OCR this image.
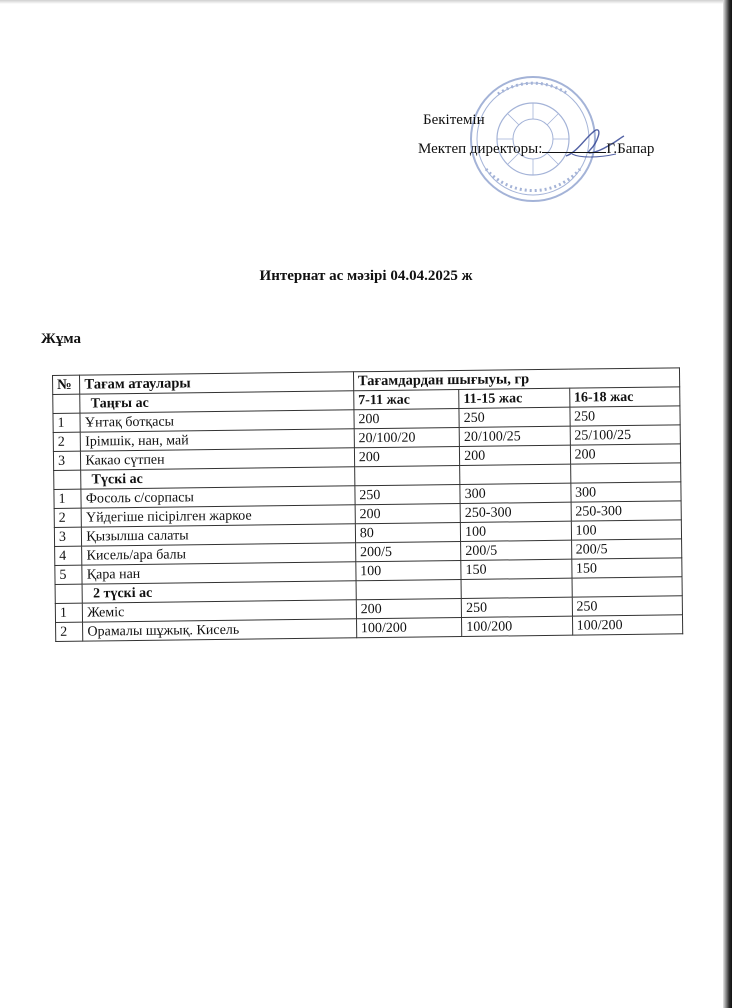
Бекітемін
Мектеп директоры:	Г.Бапар
Интернат ас мәзірі 04.04.2025 ж
Жұма
№	Тағам атаулары	Тағамдардан шығыуы, гр		
	Таңғы ас	7-11 жас	11-15 жас	16-18 жас
1	Ұнтақ ботқасы	200	250	250
2	Ірімшік, нан, май	20/100/20	20/100/25	25/100/25
3	Какао сүтпен	200	200	200
	Түскі ас			
1	Фосоль с/сорпасы	250	300	300
2	Үйдегіше пісірілген жаркое	200	250-300	250-300
3	Қызылша салаты	80	100	100
4	Кисель/ара балы	200/5	200/5	200/5
5	Қара нан	100	150	150
	2 түскі ас			
1	Жеміс	200	250	250
2	Орамалы шұжық. Кисель	100/200	100/200	100/200
